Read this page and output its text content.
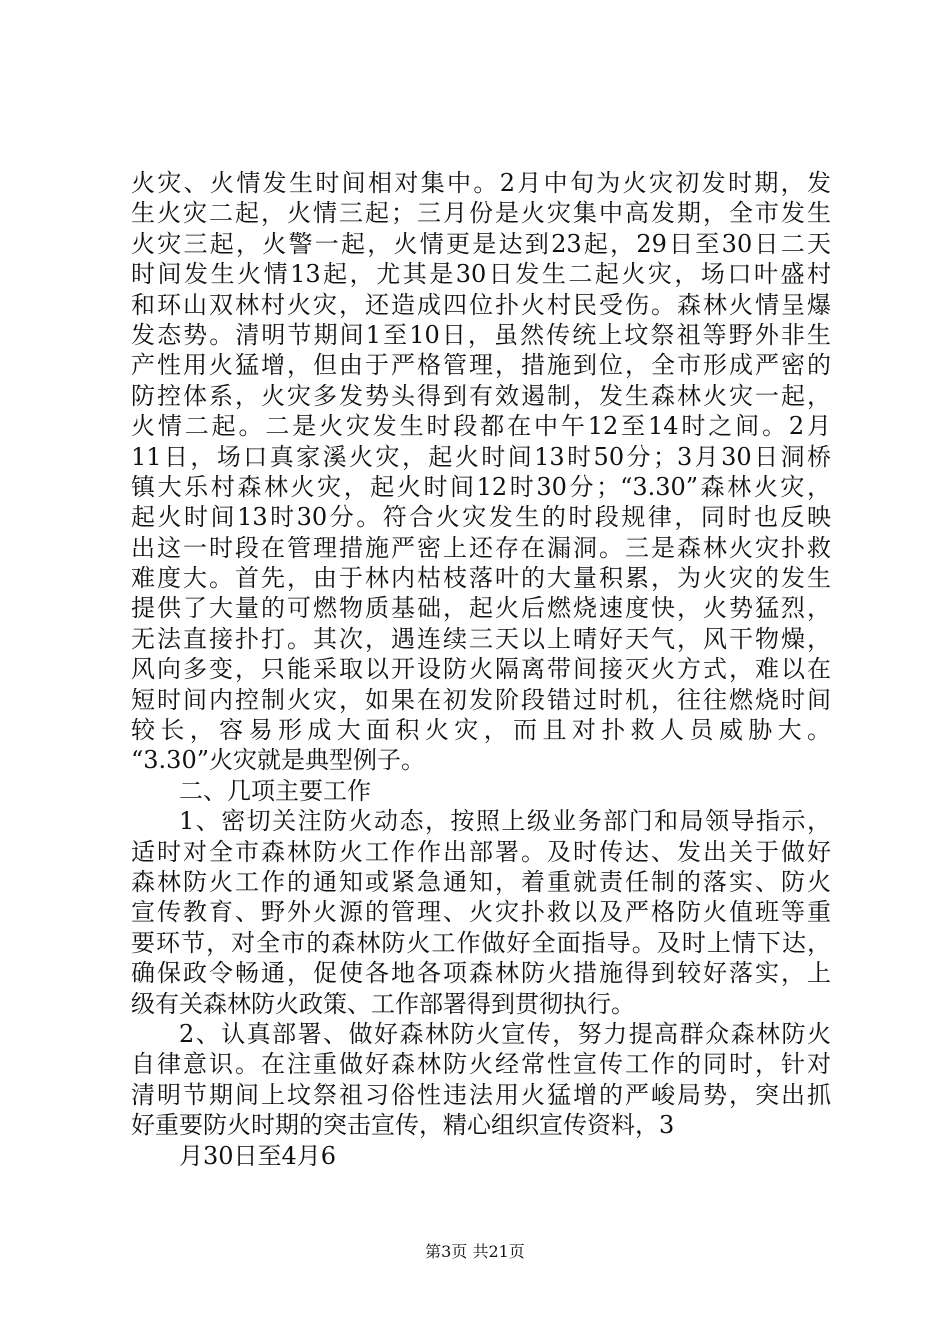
火灾、火情发生时间相对集中。2月中旬为火灾初发时期，发
生火灾二起，火情三起；三月份是火灾集中高发期，全市发生
火灾三起，火警一起，火情更是达到23起，29日至30日二天
时间发生火情13起，尤其是30日发生二起火灾，场口叶盛村
和环山双林村火灾，还造成四位扑火村民受伤。森林火情呈爆
发态势。清明节期间1至10日，虽然传统上坟祭祖等野外非生
产性用火猛增，但由于严格管理，措施到位，全市形成严密的
防控体系，火灾多发势头得到有效遏制，发生森林火灾一起，
火情二起。二是火灾发生时段都在中午12至14时之间。2月
11日，场口真家溪火灾，起火时间13时50分；3月30日洞桥
镇大乐村森林火灾，起火时间12时30分；“3.30”森林火灾，
起火时间13时30分。符合火灾发生的时段规律，同时也反映
出这一时段在管理措施严密上还存在漏洞。三是森林火灾扑救
难度大。首先，由于林内枯枝落叶的大量积累，为火灾的发生
提供了大量的可燃物质基础，起火后燃烧速度快，火势猛烈，
无法直接扑打。其次，遇连续三天以上晴好天气，风干物燥，
风向多变，只能采取以开设防火隔离带间接灭火方式，难以在
短时间内控制火灾，如果在初发阶段错过时机，往往燃烧时间
较长，容易形成大面积火灾，而且对扑救人员威胁大。
“3.30”火灾就是典型例子。
二、几项主要工作
1、密切关注防火动态，按照上级业务部门和局领导指示，
适时对全市森林防火工作作出部署。及时传达、发出关于做好
森林防火工作的通知或紧急通知，着重就责任制的落实、防火
宣传教育、野外火源的管理、火灾扑救以及严格防火值班等重
要环节，对全市的森林防火工作做好全面指导。及时上情下达，
确保政令畅通，促使各地各项森林防火措施得到较好落实，上
级有关森林防火政策、工作部署得到贯彻执行。
2、认真部署、做好森林防火宣传，努力提高群众森林防火
自律意识。在注重做好森林防火经常性宣传工作的同时，针对
清明节期间上坟祭祖习俗性违法用火猛增的严峻局势，突出抓
好重要防火时期的突击宣传，精心组织宣传资料，3
月30日至4月6
第3页 共21页
